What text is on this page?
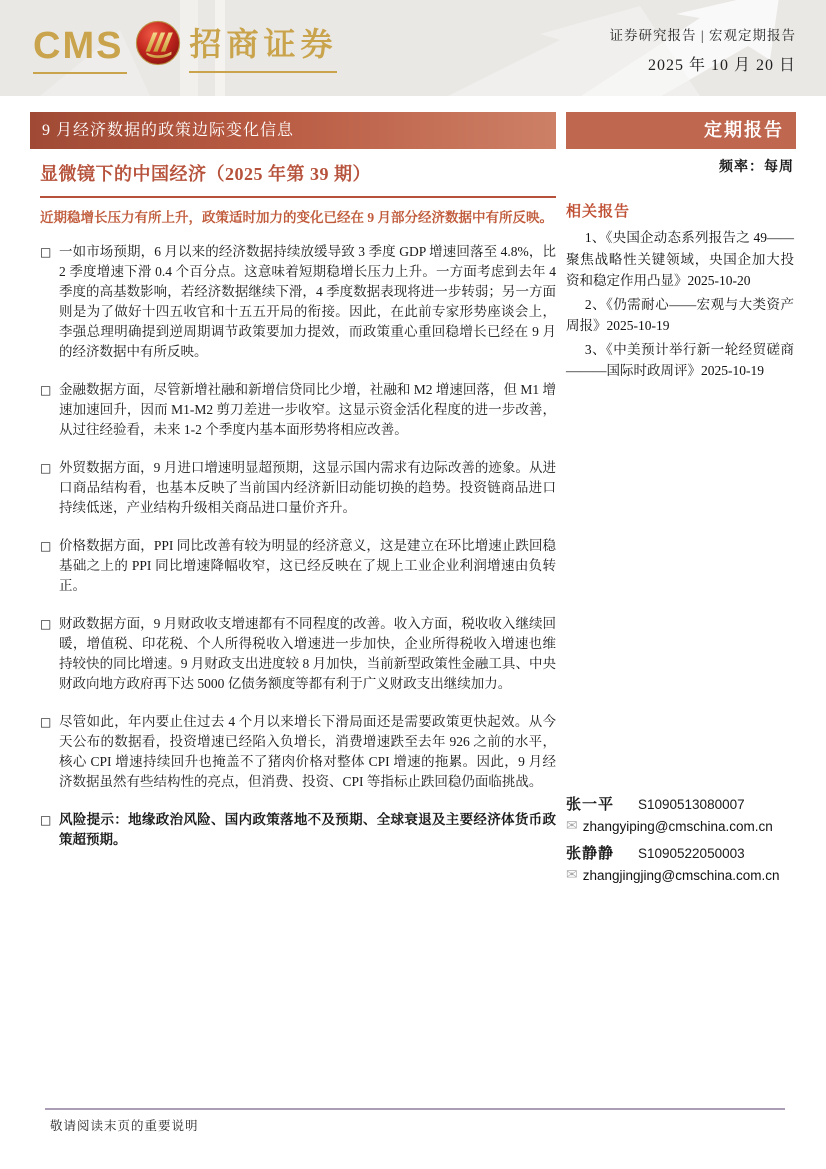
CMS 招商证券	证券研究报告 | 宏观定期报告
2025 年 10 月 20 日
9 月经济数据的政策边际变化信息	定期报告
显微镜下的中国经济（2025 年第 39 期）
近期稳增长压力有所上升，政策适时加力的变化已经在 9 月部分经济数据中有所反映。
□ 一如市场预期，6 月以来的经济数据持续放缓导致 3 季度 GDP 增速回落至 4.8%，比 2 季度增速下滑 0.4 个百分点。这意味着短期稳增长压力上升。一方面考虑到去年 4 季度的高基数影响，若经济数据继续下滑，4 季度数据表现将进一步转弱；另一方面则是为了做好十四五收官和十五五开局的衔接。因此，在此前专家形势座谈会上，李强总理明确提到逆周期调节政策要加力提效，而政策重心重回稳增长已经在 9 月的经济数据中有所反映。
□ 金融数据方面，尽管新增社融和新增信贷同比少增，社融和 M2 增速回落，但 M1 增速加速回升，因而 M1-M2 剪刀差进一步收窄。这显示资金活化程度的进一步改善，从过往经验看，未来 1-2 个季度内基本面形势将相应改善。
□ 外贸数据方面，9 月进口增速明显超预期，这显示国内需求有边际改善的迹象。从进口商品结构看，也基本反映了当前国内经济新旧动能切换的趋势。投资链商品进口持续低迷，产业结构升级相关商品进口量价齐升。
□ 价格数据方面，PPI 同比改善有较为明显的经济意义，这是建立在环比增速止跌回稳基础之上的 PPI 同比增速降幅收窄，这已经反映在了规上工业企业利润增速由负转正。
□ 财政数据方面，9 月财政收支增速都有不同程度的改善。收入方面，税收收入继续回暖，增值税、印花税、个人所得税收入增速进一步加快，企业所得税收入增速也维持较快的同比增速。9 月财政支出进度较 8 月加快，当前新型政策性金融工具、中央财政向地方政府再下达 5000 亿债务额度等都有利于广义财政支出继续加力。
□ 尽管如此，年内要止住过去 4 个月以来增长下滑局面还是需要政策更快起效。从今天公布的数据看，投资增速已经陷入负增长，消费增速跌至去年 926 之前的水平，核心 CPI 增速持续回升也掩盖不了猪肉价格对整体 CPI 增速的拖累。因此，9 月经济数据虽然有些结构性的亮点，但消费、投资、CPI 等指标止跌回稳仍面临挑战。
□ 风险提示：地缘政治风险、国内政策落地不及预期、全球衰退及主要经济体货币政策超预期。
频率：每周
相关报告
1、《央国企动态系列报告之 49——聚焦战略性关键领域，央国企加大投资和稳定作用凸显》2025-10-20
2、《仍需耐心——宏观与大类资产周报》2025-10-19
3、《中美预计举行新一轮经贸磋商———国际时政周评》2025-10-19
张一平	S1090513080007
✉ zhangyiping@cmschina.com.cn
张静静	S1090522050003
✉ zhangjingjing@cmschina.com.cn
敬请阅读末页的重要说明
